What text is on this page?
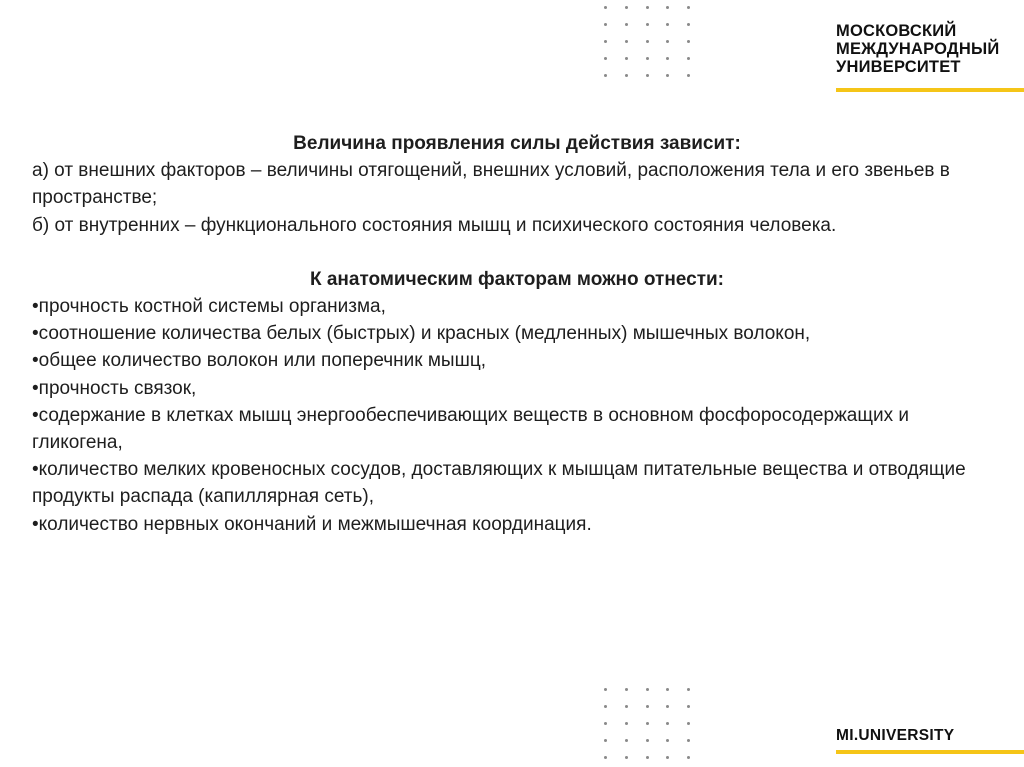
МОСКОВСКИЙ
МЕЖДУНАРОДНЫЙ
УНИВЕРСИТЕТ

Величина проявления силы действия зависит:

а) от внешних факторов – величины отягощений, внешних условий, расположения тела и его звеньев в пространстве;

б) от внутренних – функционального состояния мышц и психического состояния человека.

К анатомическим факторам можно отнести:

•прочность костной системы организма,
•соотношение количества белых (быстрых) и красных (медленных) мышечных волокон,
•общее количество волокон или поперечник мышц,
•прочность связок,
•содержание в клетках мышц энергообеспечивающих веществ в основном фосфоросодержащих и гликогена,
•количество мелких кровеносных сосудов, доставляющих к мышцам питательные вещества и отводящие продукты распада (капиллярная сеть),
•количество нервных окончаний и межмышечная координация.
MI.UNIVERSITY
